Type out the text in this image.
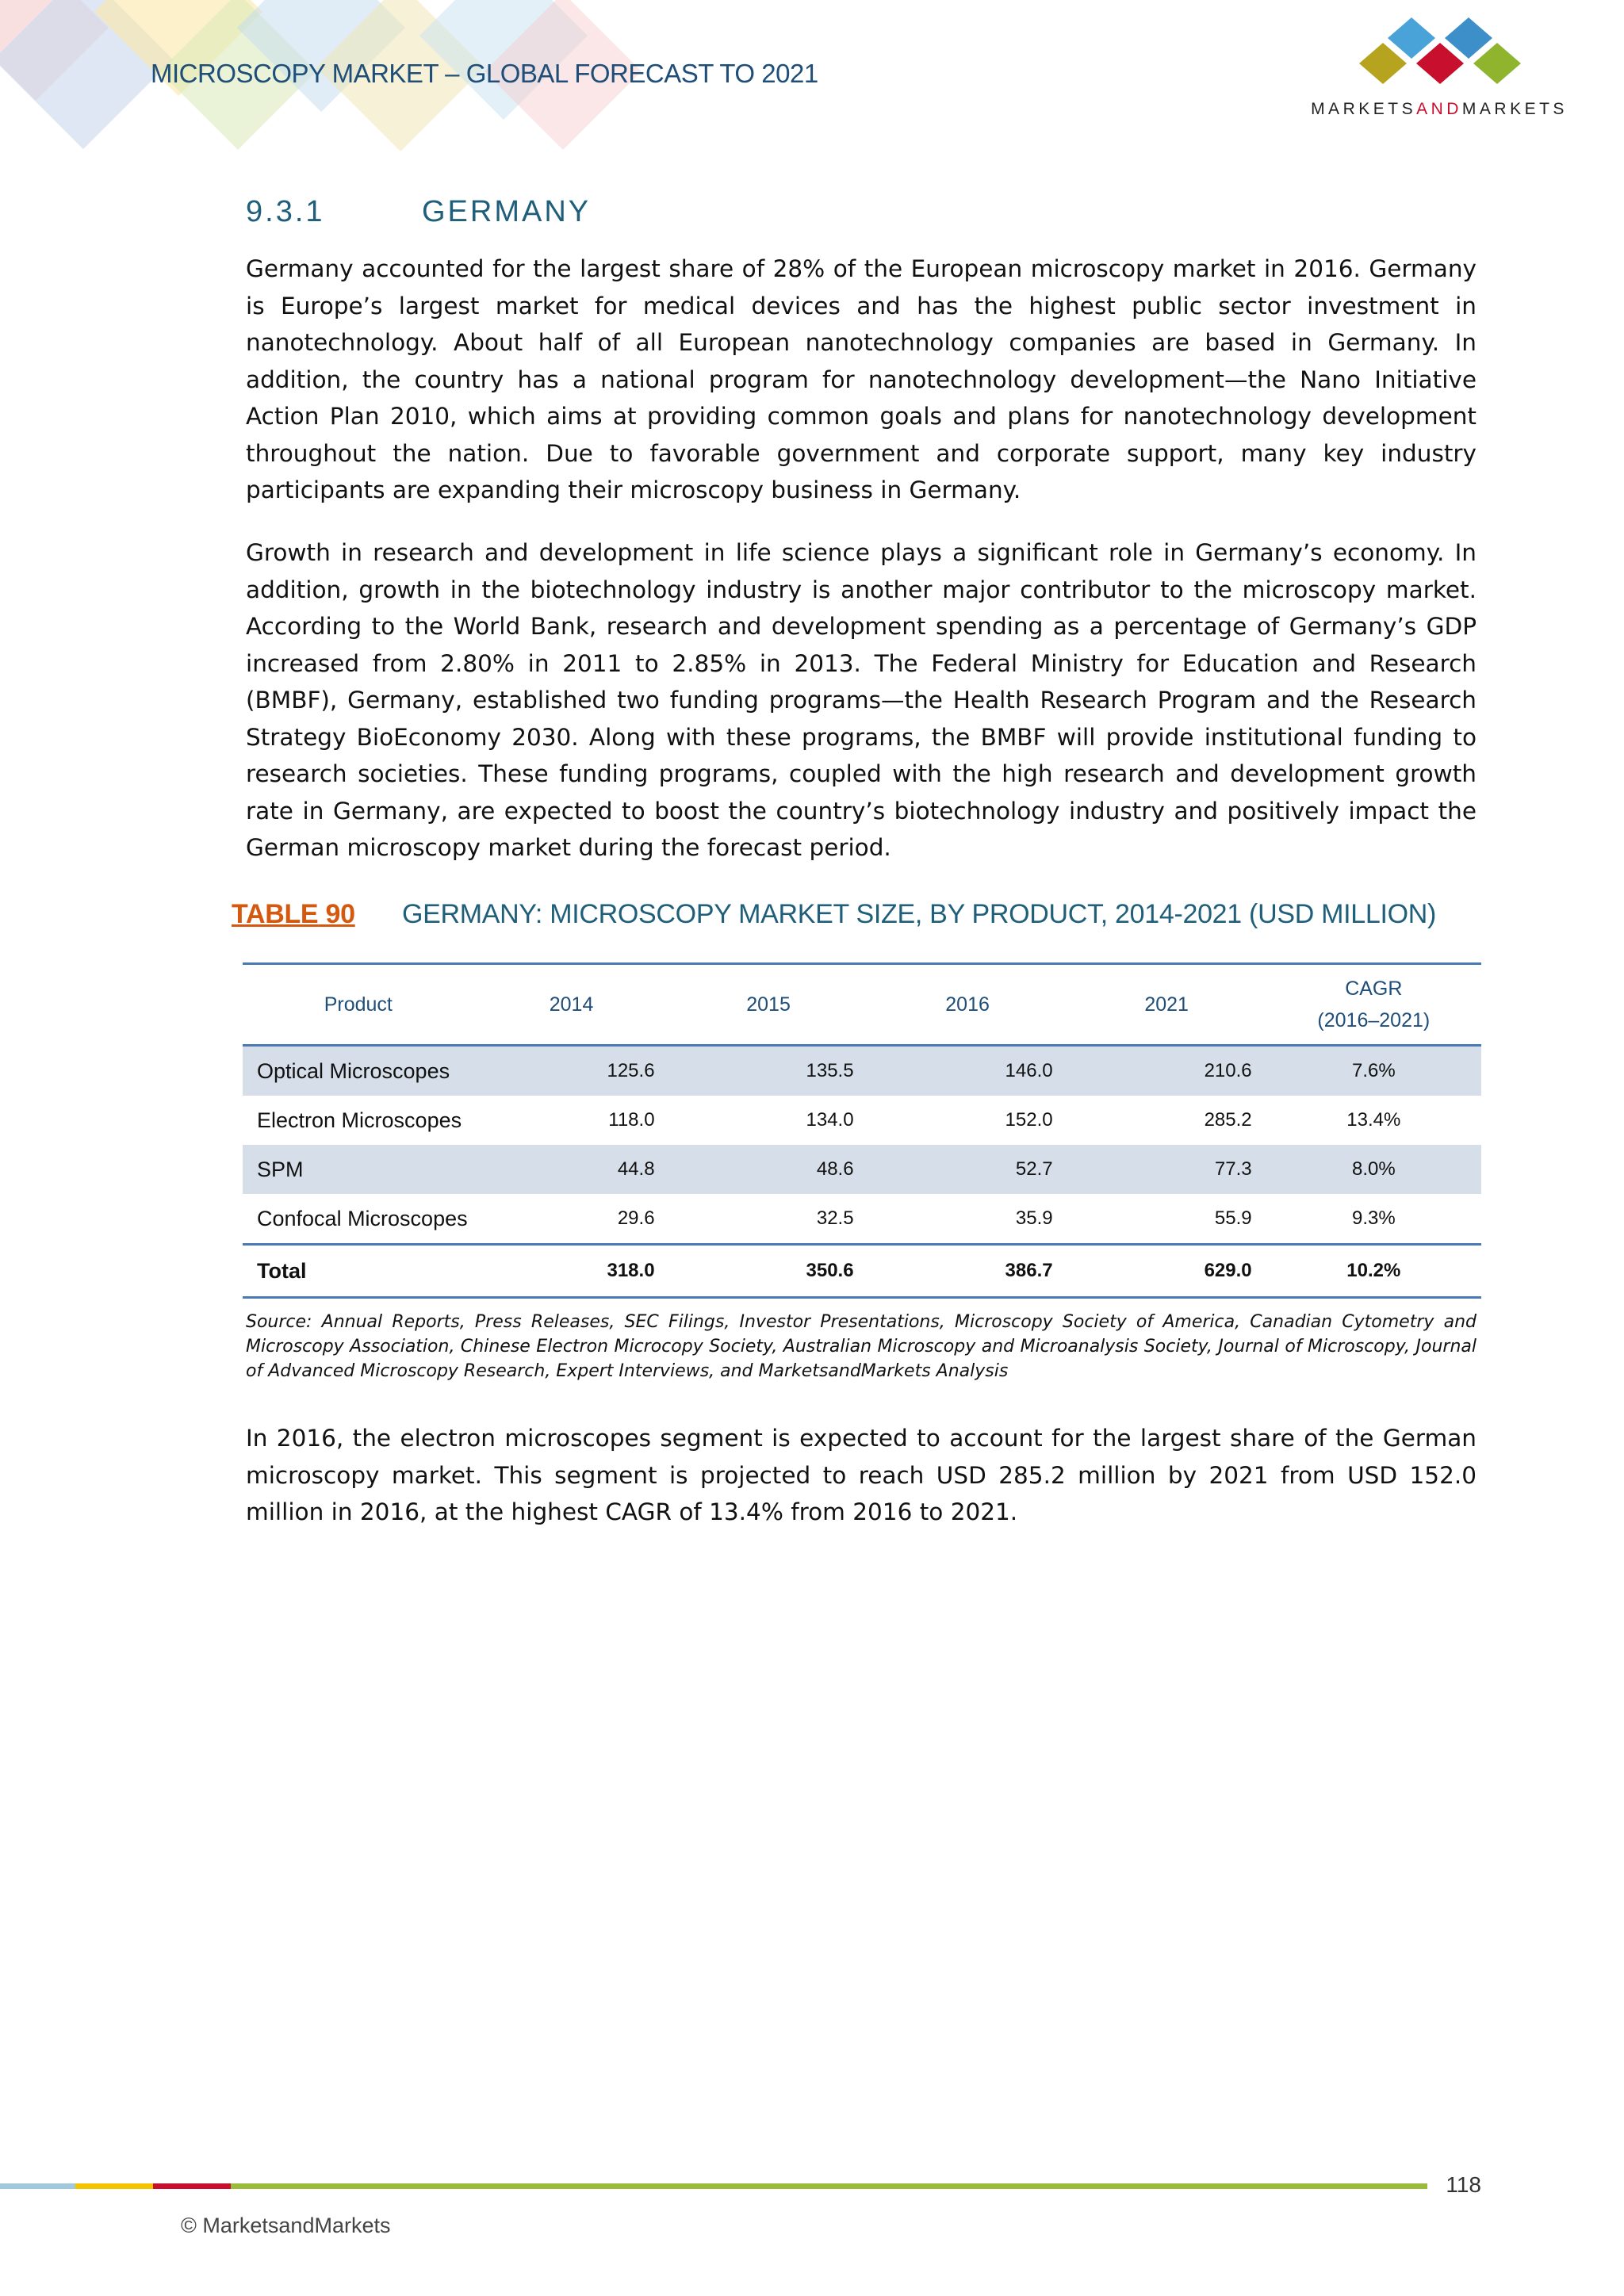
MICROSCOPY MARKET – GLOBAL FORECAST TO 2021
MARKETSANDMARKETS
9.3.1	GERMANY

Germany accounted for the largest share of 28% of the European microscopy market in 2016. Germany is Europe’s largest market for medical devices and has the highest public sector investment in nanotechnology. About half of all European nanotechnology companies are based in Germany. In addition, the country has a national program for nanotechnology development—the Nano Initiative Action Plan 2010, which aims at providing common goals and plans for nanotechnology development throughout the nation. Due to favorable government and corporate support, many key industry participants are expanding their microscopy business in Germany.

Growth in research and development in life science plays a significant role in Germany’s economy. In addition, growth in the biotechnology industry is another major contributor to the microscopy market. According to the World Bank, research and development spending as a percentage of Germany’s GDP increased from 2.80% in 2011 to 2.85% in 2013. The Federal Ministry for Education and Research (BMBF), Germany, established two funding programs—the Health Research Program and the Research Strategy BioEconomy 2030. Along with these programs, the BMBF will provide institutional funding to research societies. These funding programs, coupled with the high research and development growth rate in Germany, are expected to boost the country’s biotechnology industry and positively impact the German microscopy market during the forecast period.

TABLE 90 GERMANY: MICROSCOPY MARKET SIZE, BY PRODUCT, 2014-2021 (USD MILLION)
Product	2014	2015	2016	2021	CAGR
(2016–2021)
Optical Microscopes	125.6	135.5	146.0	210.6	7.6%
Electron Microscopes	118.0	134.0	152.0	285.2	13.4%
SPM	44.8	48.6	52.7	77.3	8.0%
Confocal Microscopes	29.6	32.5	35.9	55.9	9.3%
Total	318.0	350.6	386.7	629.0	10.2%

Source: Annual Reports, Press Releases, SEC Filings, Investor Presentations, Microscopy Society of America, Canadian Cytometry and Microscopy Association, Chinese Electron Microcopy Society, Australian Microscopy and Microanalysis Society, Journal of Microscopy, Journal of Advanced Microscopy Research, Expert Interviews, and MarketsandMarkets Analysis

In 2016, the electron microscopes segment is expected to account for the largest share of the German microscopy market. This segment is projected to reach USD 285.2 million by 2021 from USD 152.0 million in 2016, at the highest CAGR of 13.4% from 2016 to 2021.

118
© MarketsandMarkets
